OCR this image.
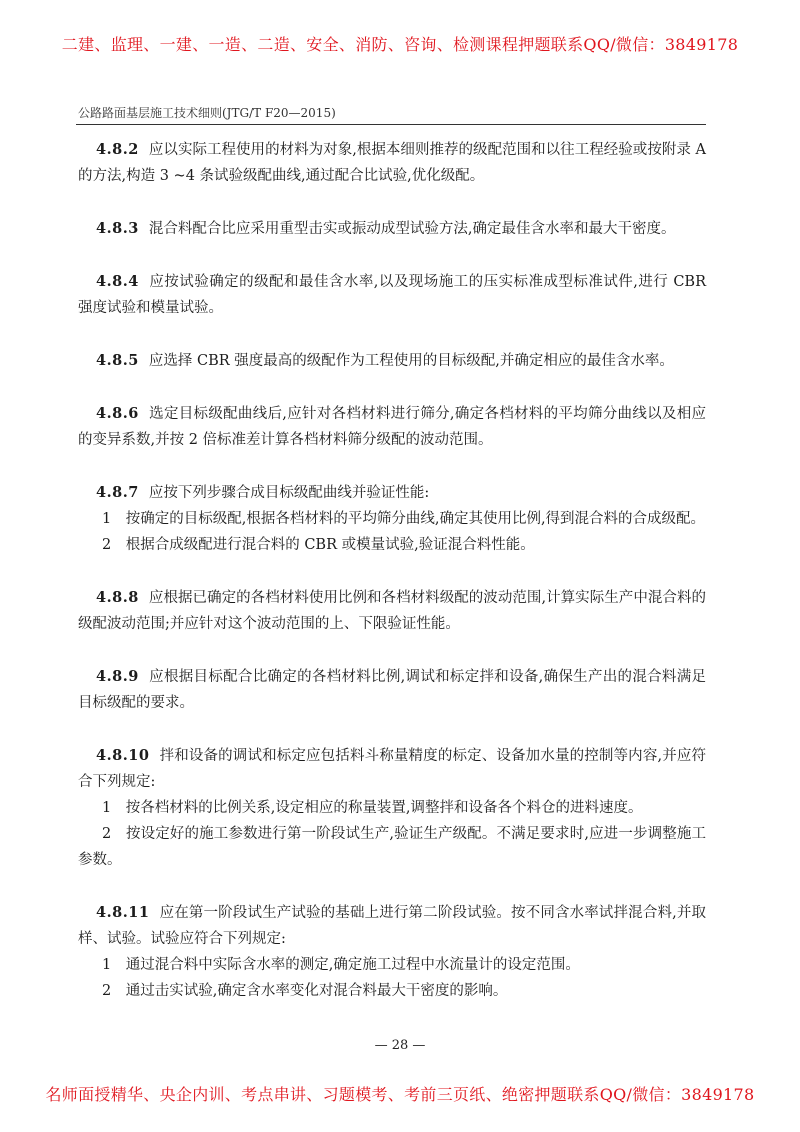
二建、监理、一建、一造、二造、安全、消防、咨询、检测课程押题联系QQ/微信：3849178
公路路面基层施工技术细则(JTG/T F20—2015)
4.8.2 应以实际工程使用的材料为对象,根据本细则推荐的级配范围和以往工程经验或按附录 A 的方法,构造 3 ~4 条试验级配曲线,通过配合比试验,优化级配。
4.8.3 混合料配合比应采用重型击实或振动成型试验方法,确定最佳含水率和最大干密度。
4.8.4 应按试验确定的级配和最佳含水率,以及现场施工的压实标准成型标准试件,进行 CBR 强度试验和模量试验。
4.8.5 应选择 CBR 强度最高的级配作为工程使用的目标级配,并确定相应的最佳含水率。
4.8.6 选定目标级配曲线后,应针对各档材料进行筛分,确定各档材料的平均筛分曲线以及相应的变异系数,并按 2 倍标准差计算各档材料筛分级配的波动范围。
4.8.7 应按下列步骤合成目标级配曲线并验证性能:
1　按确定的目标级配,根据各档材料的平均筛分曲线,确定其使用比例,得到混合料的合成级配。
2　根据合成级配进行混合料的 CBR 或模量试验,验证混合料性能。
4.8.8 应根据已确定的各档材料使用比例和各档材料级配的波动范围,计算实际生产中混合料的级配波动范围;并应针对这个波动范围的上、下限验证性能。
4.8.9 应根据目标配合比确定的各档材料比例,调试和标定拌和设备,确保生产出的混合料满足目标级配的要求。
4.8.10 拌和设备的调试和标定应包括料斗称量精度的标定、设备加水量的控制等内容,并应符合下列规定:
1　按各档材料的比例关系,设定相应的称量装置,调整拌和设备各个料仓的进料速度。
2　按设定好的施工参数进行第一阶段试生产,验证生产级配。不满足要求时,应进一步调整施工参数。
4.8.11 应在第一阶段试生产试验的基础上进行第二阶段试验。按不同含水率试拌混合料,并取样、试验。试验应符合下列规定:
1　通过混合料中实际含水率的测定,确定施工过程中水流量计的设定范围。
2　通过击实试验,确定含水率变化对混合料最大干密度的影响。
— 28 —
名师面授精华、央企内训、考点串讲、习题模考、考前三页纸、绝密押题联系QQ/微信：3849178
